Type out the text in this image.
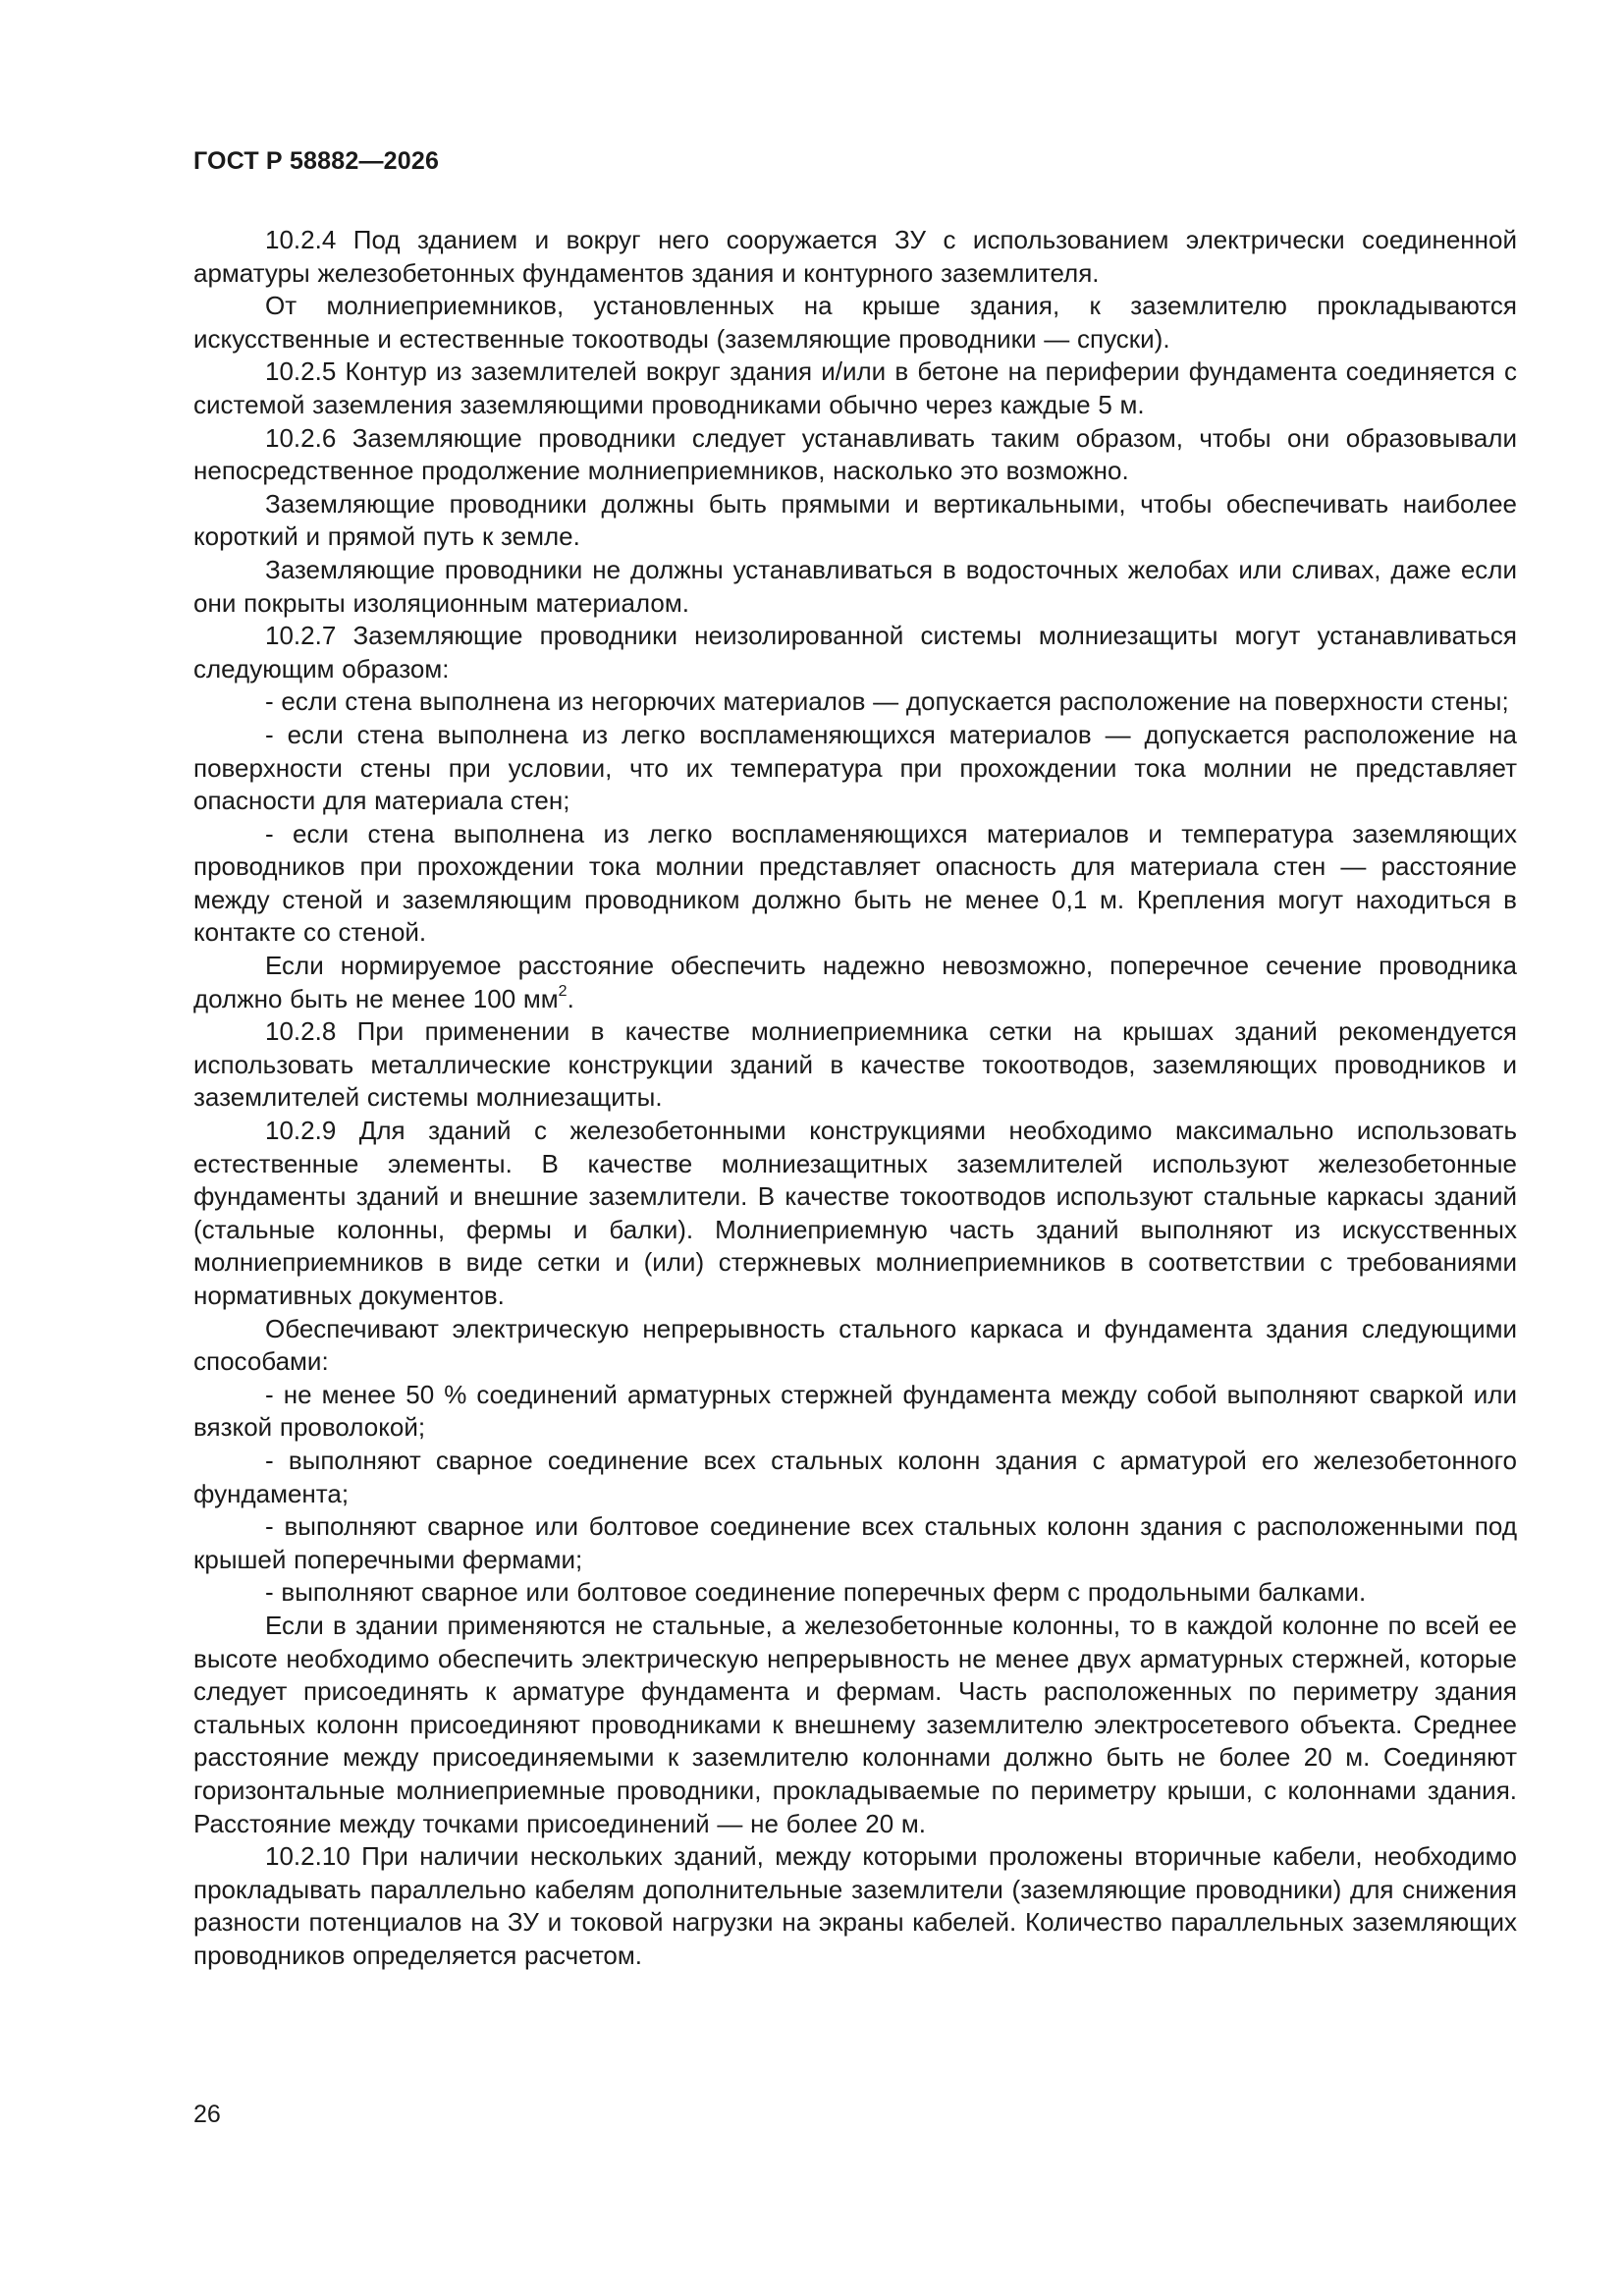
ГОСТ Р 58882—2026

10.2.4 Под зданием и вокруг него сооружается ЗУ с использованием электрически соединенной арматуры железобетонных фундаментов здания и контурного заземлителя.

От молниеприемников, установленных на крыше здания, к заземлителю прокладываются искусственные и естественные токоотводы (заземляющие проводники — спуски).

10.2.5 Контур из заземлителей вокруг здания и/или в бетоне на периферии фундамента соединяется с системой заземления заземляющими проводниками обычно через каждые 5 м.

10.2.6 Заземляющие проводники следует устанавливать таким образом, чтобы они образовывали непосредственное продолжение молниеприемников, насколько это возможно.

Заземляющие проводники должны быть прямыми и вертикальными, чтобы обеспечивать наиболее короткий и прямой путь к земле.

Заземляющие проводники не должны устанавливаться в водосточных желобах или сливах, даже если они покрыты изоляционным материалом.

10.2.7 Заземляющие проводники неизолированной системы молниезащиты могут устанавливаться следующим образом:

- если стена выполнена из негорючих материалов — допускается расположение на поверхности стены;

- если стена выполнена из легко воспламеняющихся материалов — допускается расположение на поверхности стены при условии, что их температура при прохождении тока молнии не представляет опасности для материала стен;

- если стена выполнена из легко воспламеняющихся материалов и температура заземляющих проводников при прохождении тока молнии представляет опасность для материала стен — расстояние между стеной и заземляющим проводником должно быть не менее 0,1 м. Крепления могут находиться в контакте со стеной.

Если нормируемое расстояние обеспечить надежно невозможно, поперечное сечение проводника должно быть не менее 100 $мм^2$.

10.2.8 При применении в качестве молниеприемника сетки на крышах зданий рекомендуется использовать металлические конструкции зданий в качестве токоотводов, заземляющих проводников и заземлителей системы молниезащиты.

10.2.9 Для зданий с железобетонными конструкциями необходимо максимально использовать естественные элементы. В качестве молниезащитных заземлителей используют железобетонные фундаменты зданий и внешние заземлители. В качестве токоотводов используют стальные каркасы зданий (стальные колонны, фермы и балки). Молниеприемную часть зданий выполняют из искусственных молниеприемников в виде сетки и (или) стержневых молниеприемников в соответствии с требованиями нормативных документов.

Обеспечивают электрическую непрерывность стального каркаса и фундамента здания следующими способами:

- не менее 50 % соединений арматурных стержней фундамента между собой выполняют сваркой или вязкой проволокой;

- выполняют сварное соединение всех стальных колонн здания с арматурой его железобетонного фундамента;

- выполняют сварное или болтовое соединение всех стальных колонн здания с расположенными под крышей поперечными фермами;

- выполняют сварное или болтовое соединение поперечных ферм с продольными балками.

Если в здании применяются не стальные, а железобетонные колонны, то в каждой колонне по всей ее высоте необходимо обеспечить электрическую непрерывность не менее двух арматурных стержней, которые следует присоединять к арматуре фундамента и фермам. Часть расположенных по периметру здания стальных колонн присоединяют проводниками к внешнему заземлителю электросетевого объекта. Среднее расстояние между присоединяемыми к заземлителю колоннами должно быть не более 20 м. Соединяют горизонтальные молниеприемные проводники, прокладываемые по периметру крыши, с колоннами здания. Расстояние между точками присоединений — не более 20 м.

10.2.10 При наличии нескольких зданий, между которыми проложены вторичные кабели, необходимо прокладывать параллельно кабелям дополнительные заземлители (заземляющие проводники) для снижения разности потенциалов на ЗУ и токовой нагрузки на экраны кабелей. Количество параллельных заземляющих проводников определяется расчетом.

26
